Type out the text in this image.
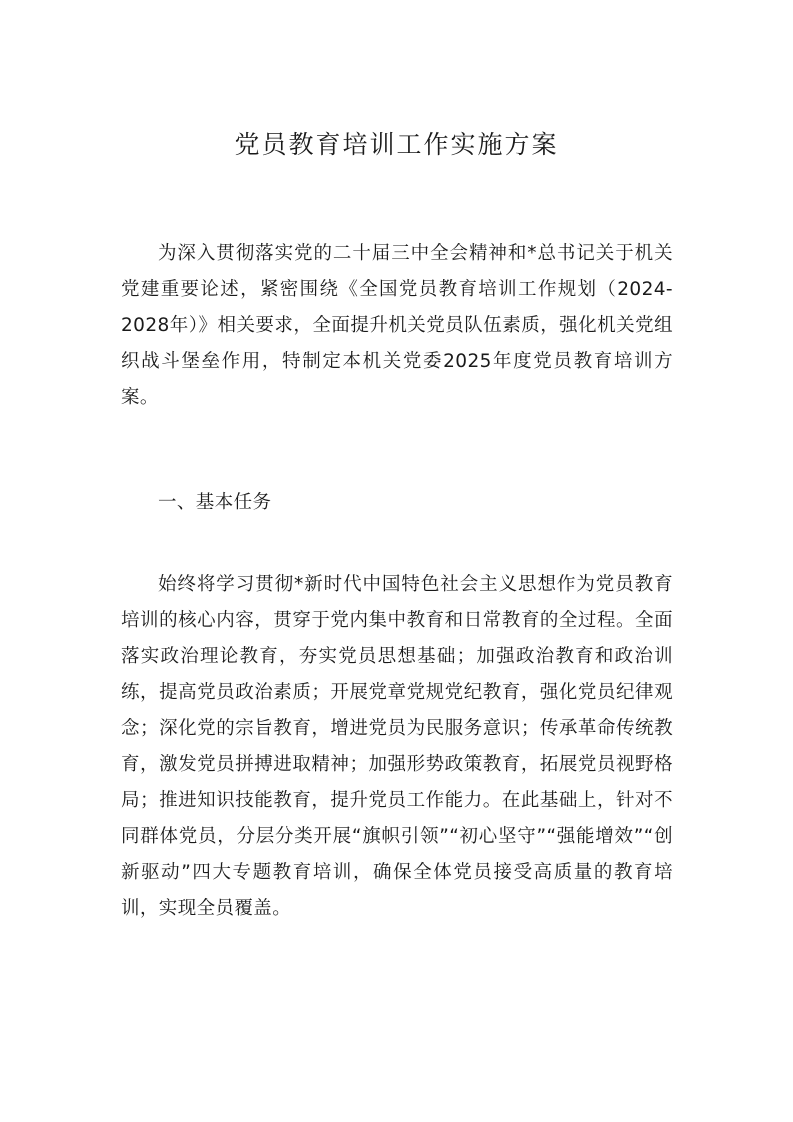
党员教育培训工作实施方案

为深入贯彻落实党的二十届三中全会精神和*总书记关于机关党建重要论述，紧密围绕《全国党员教育培训工作规划（2024-2028年）》相关要求，全面提升机关党员队伍素质，强化机关党组织战斗堡垒作用，特制定本机关党委2025年度党员教育培训方案。

一、基本任务

始终将学习贯彻*新时代中国特色社会主义思想作为党员教育培训的核心内容，贯穿于党内集中教育和日常教育的全过程。全面落实政治理论教育，夯实党员思想基础；加强政治教育和政治训练，提高党员政治素质；开展党章党规党纪教育，强化党员纪律观念；深化党的宗旨教育，增进党员为民服务意识；传承革命传统教育，激发党员拼搏进取精神；加强形势政策教育，拓展党员视野格局；推进知识技能教育，提升党员工作能力。在此基础上，针对不同群体党员，分层分类开展“旗帜引领”“初心坚守”“强能增效”“创新驱动”四大专题教育培训，确保全体党员接受高质量的教育培训，实现全员覆盖。
